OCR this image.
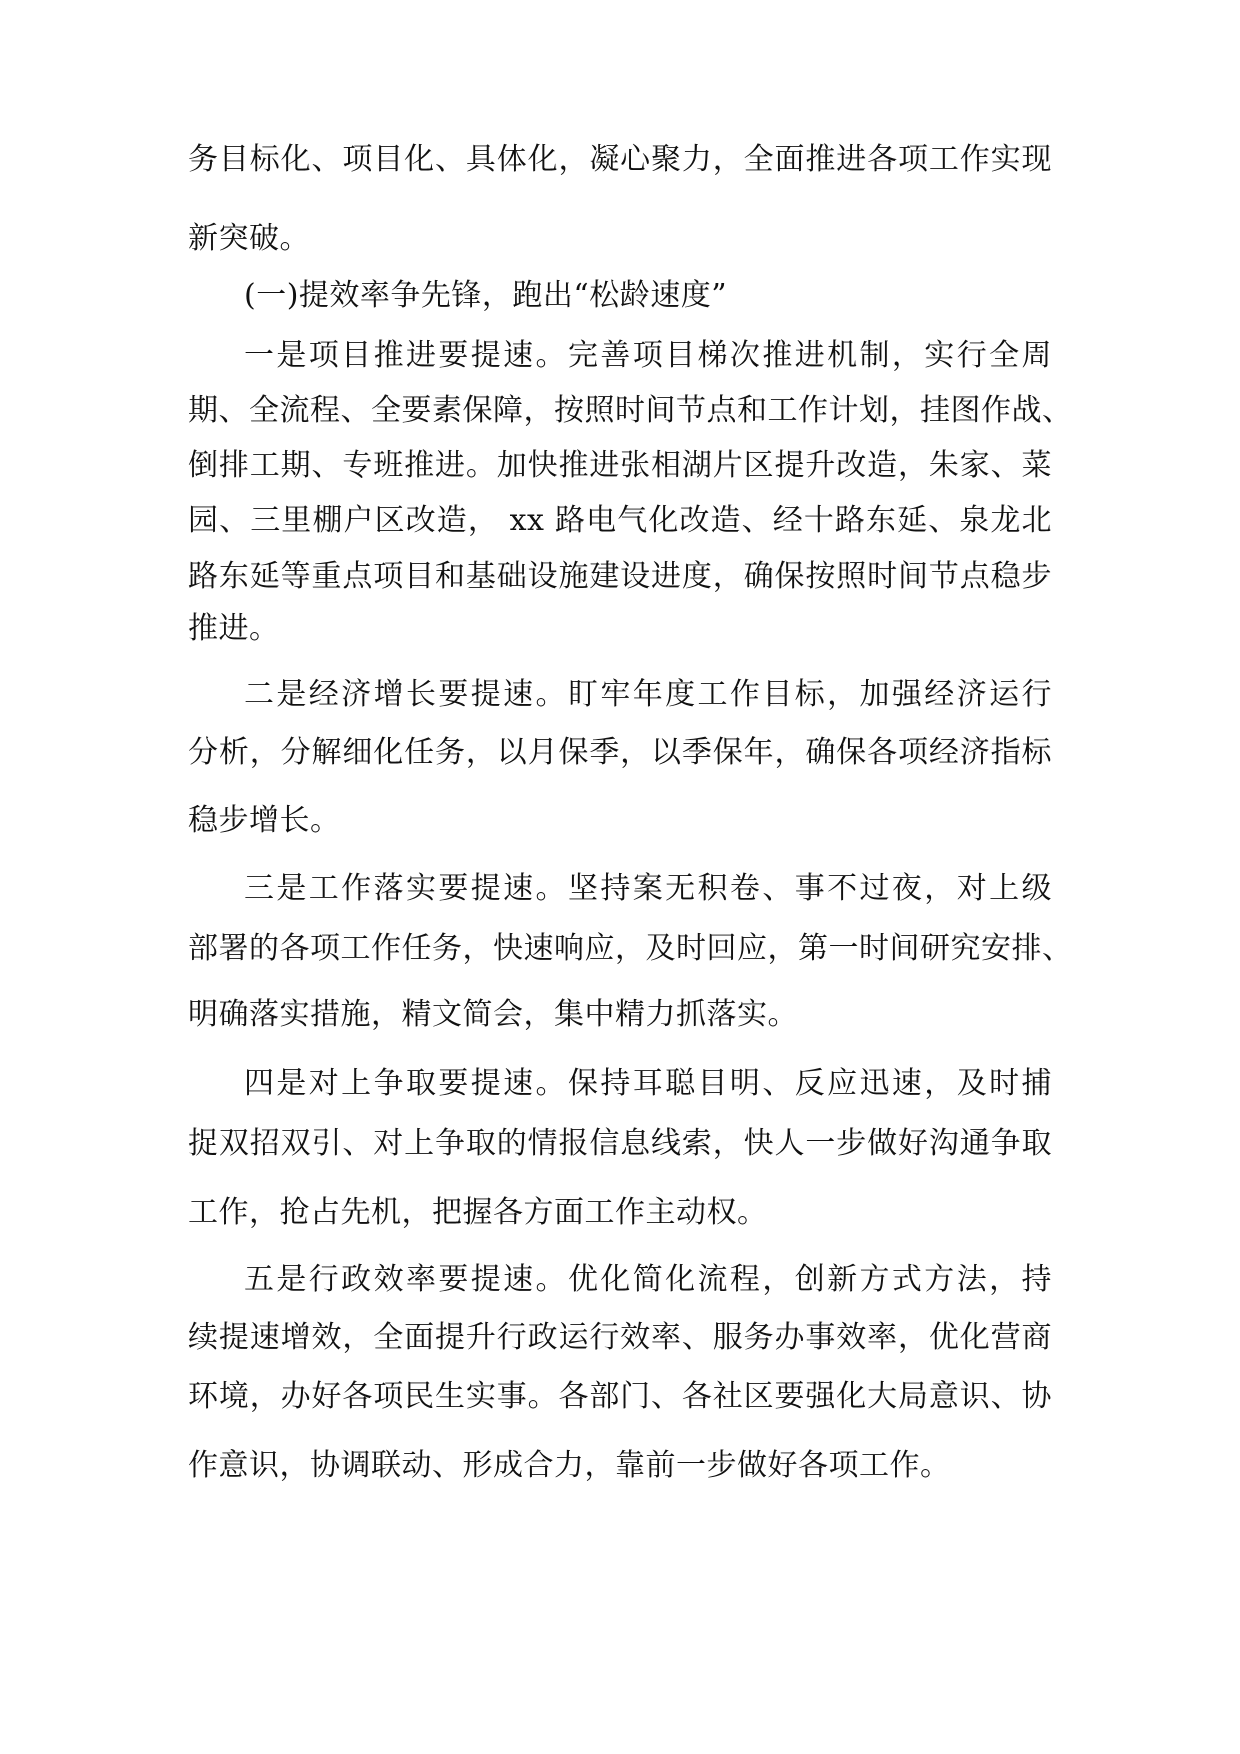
务目标化、项目化、具体化，凝心聚力，全面推进各项工作实现
新突破。
(一)提效率争先锋，跑出“松龄速度”
一是项目推进要提速。完善项目梯次推进机制，实行全周
期、全流程、全要素保障，按照时间节点和工作计划，挂图作战、
倒排工期、专班推进。加快推进张相湖片区提升改造，朱家、菜
园、三里棚户区改造， xx 路电气化改造、经十路东延、泉龙北
路东延等重点项目和基础设施建设进度，确保按照时间节点稳步
推进。
二是经济增长要提速。盯牢年度工作目标，加强经济运行
分析，分解细化任务，以月保季，以季保年，确保各项经济指标
稳步增长。
三是工作落实要提速。坚持案无积卷、事不过夜，对上级
部署的各项工作任务，快速响应，及时回应，第一时间研究安排、
明确落实措施，精文简会，集中精力抓落实。
四是对上争取要提速。保持耳聪目明、反应迅速，及时捕
捉双招双引、对上争取的情报信息线索，快人一步做好沟通争取
工作，抢占先机，把握各方面工作主动权。
五是行政效率要提速。优化简化流程，创新方式方法，持
续提速增效，全面提升行政运行效率、服务办事效率，优化营商
环境，办好各项民生实事。各部门、各社区要强化大局意识、协
作意识，协调联动、形成合力，靠前一步做好各项工作。
